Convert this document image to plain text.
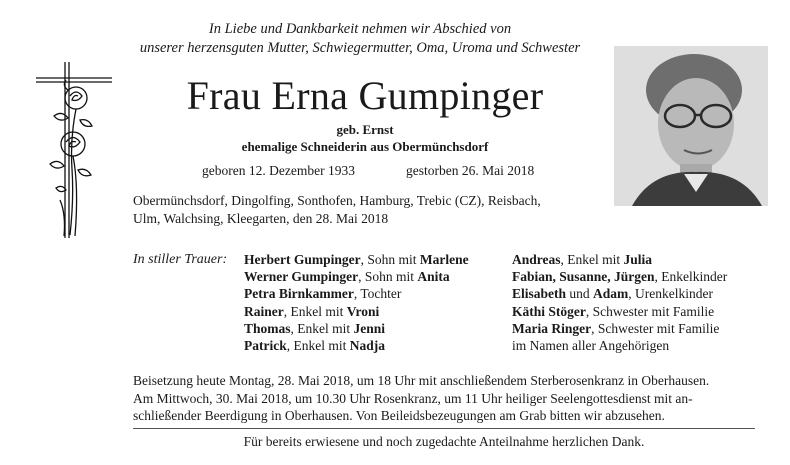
In Liebe und Dankbarkeit nehmen wir Abschied von
unserer herzensguten Mutter, Schwiegermutter, Oma, Uroma und Schwester
Frau Erna Gumpinger
geb. Ernst
ehemalige Schneiderin aus Obermünchsdorf
geboren 12. Dezember 1933	gestorben 26. Mai 2018
Obermünchsdorf, Dingolfing, Sonthofen, Hamburg, Trebic (CZ), Reisbach,
Ulm, Walchsing, Kleegarten, den 28. Mai 2018
In stiller Trauer: Herbert Gumpinger, Sohn mit Marlene
Werner Gumpinger, Sohn mit Anita
Petra Birnkammer, Tochter
Rainer, Enkel mit Vroni
Thomas, Enkel mit Jenni
Patrick, Enkel mit Nadja
Andreas, Enkel mit Julia
Fabian, Susanne, Jürgen, Enkelkinder
Elisabeth und Adam, Urenkelkinder
Käthi Stöger, Schwester mit Familie
Maria Ringer, Schwester mit Familie
im Namen aller Angehörigen
Beisetzung heute Montag, 28. Mai 2018, um 18 Uhr mit anschließendem Sterberosenkranz in Oberhausen.
Am Mittwoch, 30. Mai 2018, um 10.30 Uhr Rosenkranz, um 11 Uhr heiliger Seelengottesdienst mit an-
schließender Beerdigung in Oberhausen. Von Beileidsbezeugungen am Grab bitten wir abzusehen.
Für bereits erwiesene und noch zugedachte Anteilnahme herzlichen Dank.
